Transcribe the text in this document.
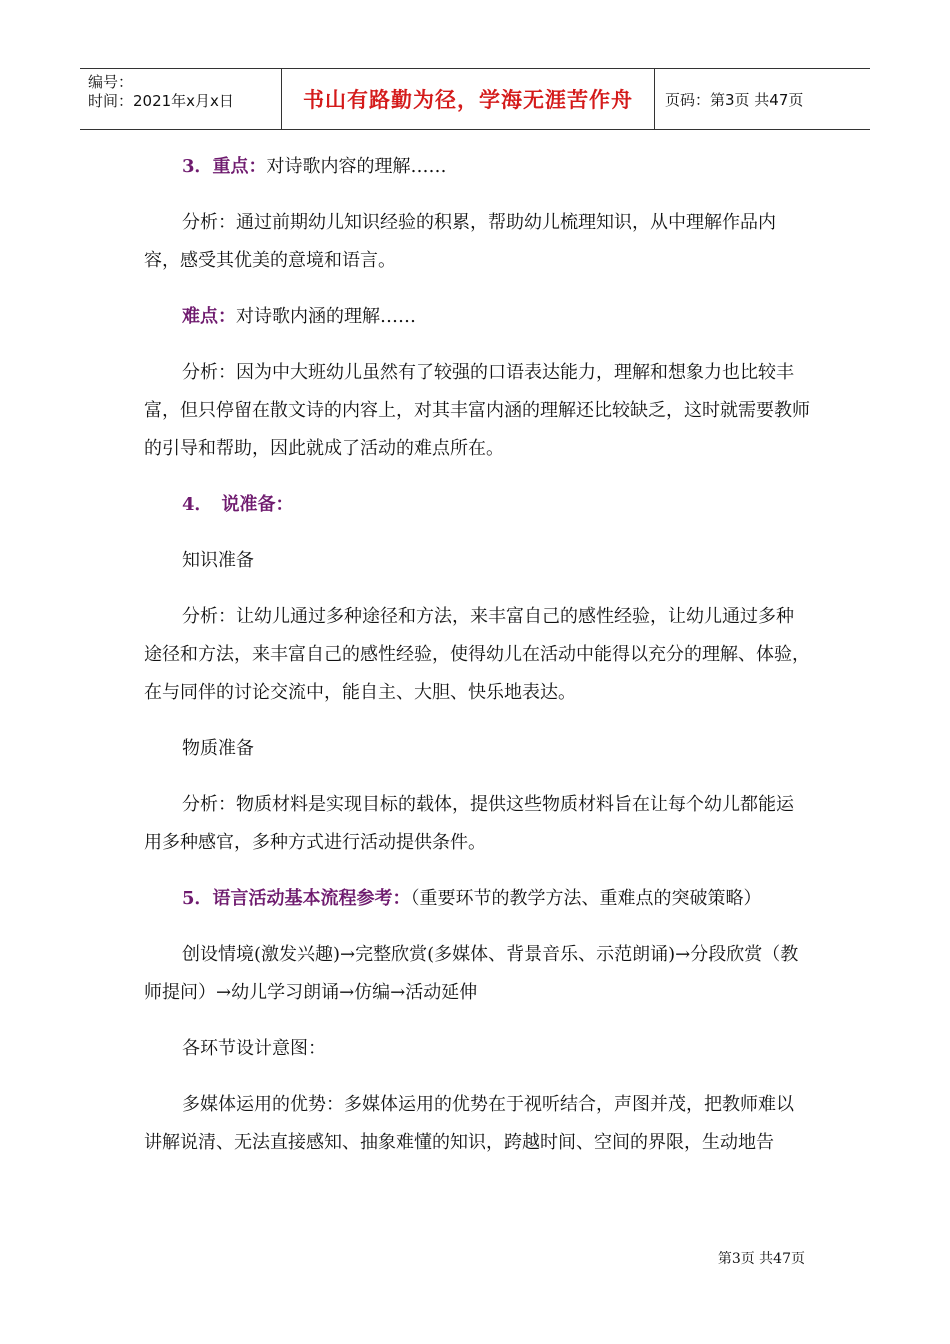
编号：
时间：2021年x月x日	书山有路勤为径，学海无涯苦作舟 页码：第3页 共47页

3．重点：对诗歌内容的理解……

分析：通过前期幼儿知识经验的积累，帮助幼儿梳理知识，从中理解作品内容，感受其优美的意境和语言。

难点：对诗歌内涵的理解……

分析：因为中大班幼儿虽然有了较强的口语表达能力，理解和想象力也比较丰富，但只停留在散文诗的内容上，对其丰富内涵的理解还比较缺乏，这时就需要教师的引导和帮助，因此就成了活动的难点所在。

4．　说准备：

知识准备

分析：让幼儿通过多种途径和方法，来丰富自己的感性经验，让幼儿通过多种途径和方法，来丰富自己的感性经验，使得幼儿在活动中能得以充分的理解、体验，在与同伴的讨论交流中，能自主、大胆、快乐地表达。

物质准备

分析：物质材料是实现目标的载体，提供这些物质材料旨在让每个幼儿都能运用多种感官，多种方式进行活动提供条件。

5．语言活动基本流程参考：（重要环节的教学方法、重难点的突破策略）

创设情境(激发兴趣)→完整欣赏(多媒体、背景音乐、示范朗诵)→分段欣赏（教师提问）→幼儿学习朗诵→仿编→活动延伸

各环节设计意图：

多媒体运用的优势：多媒体运用的优势在于视听结合，声图并茂，把教师难以讲解说清、无法直接感知、抽象难懂的知识，跨越时间、空间的界限，生动地告

第3页 共47页
